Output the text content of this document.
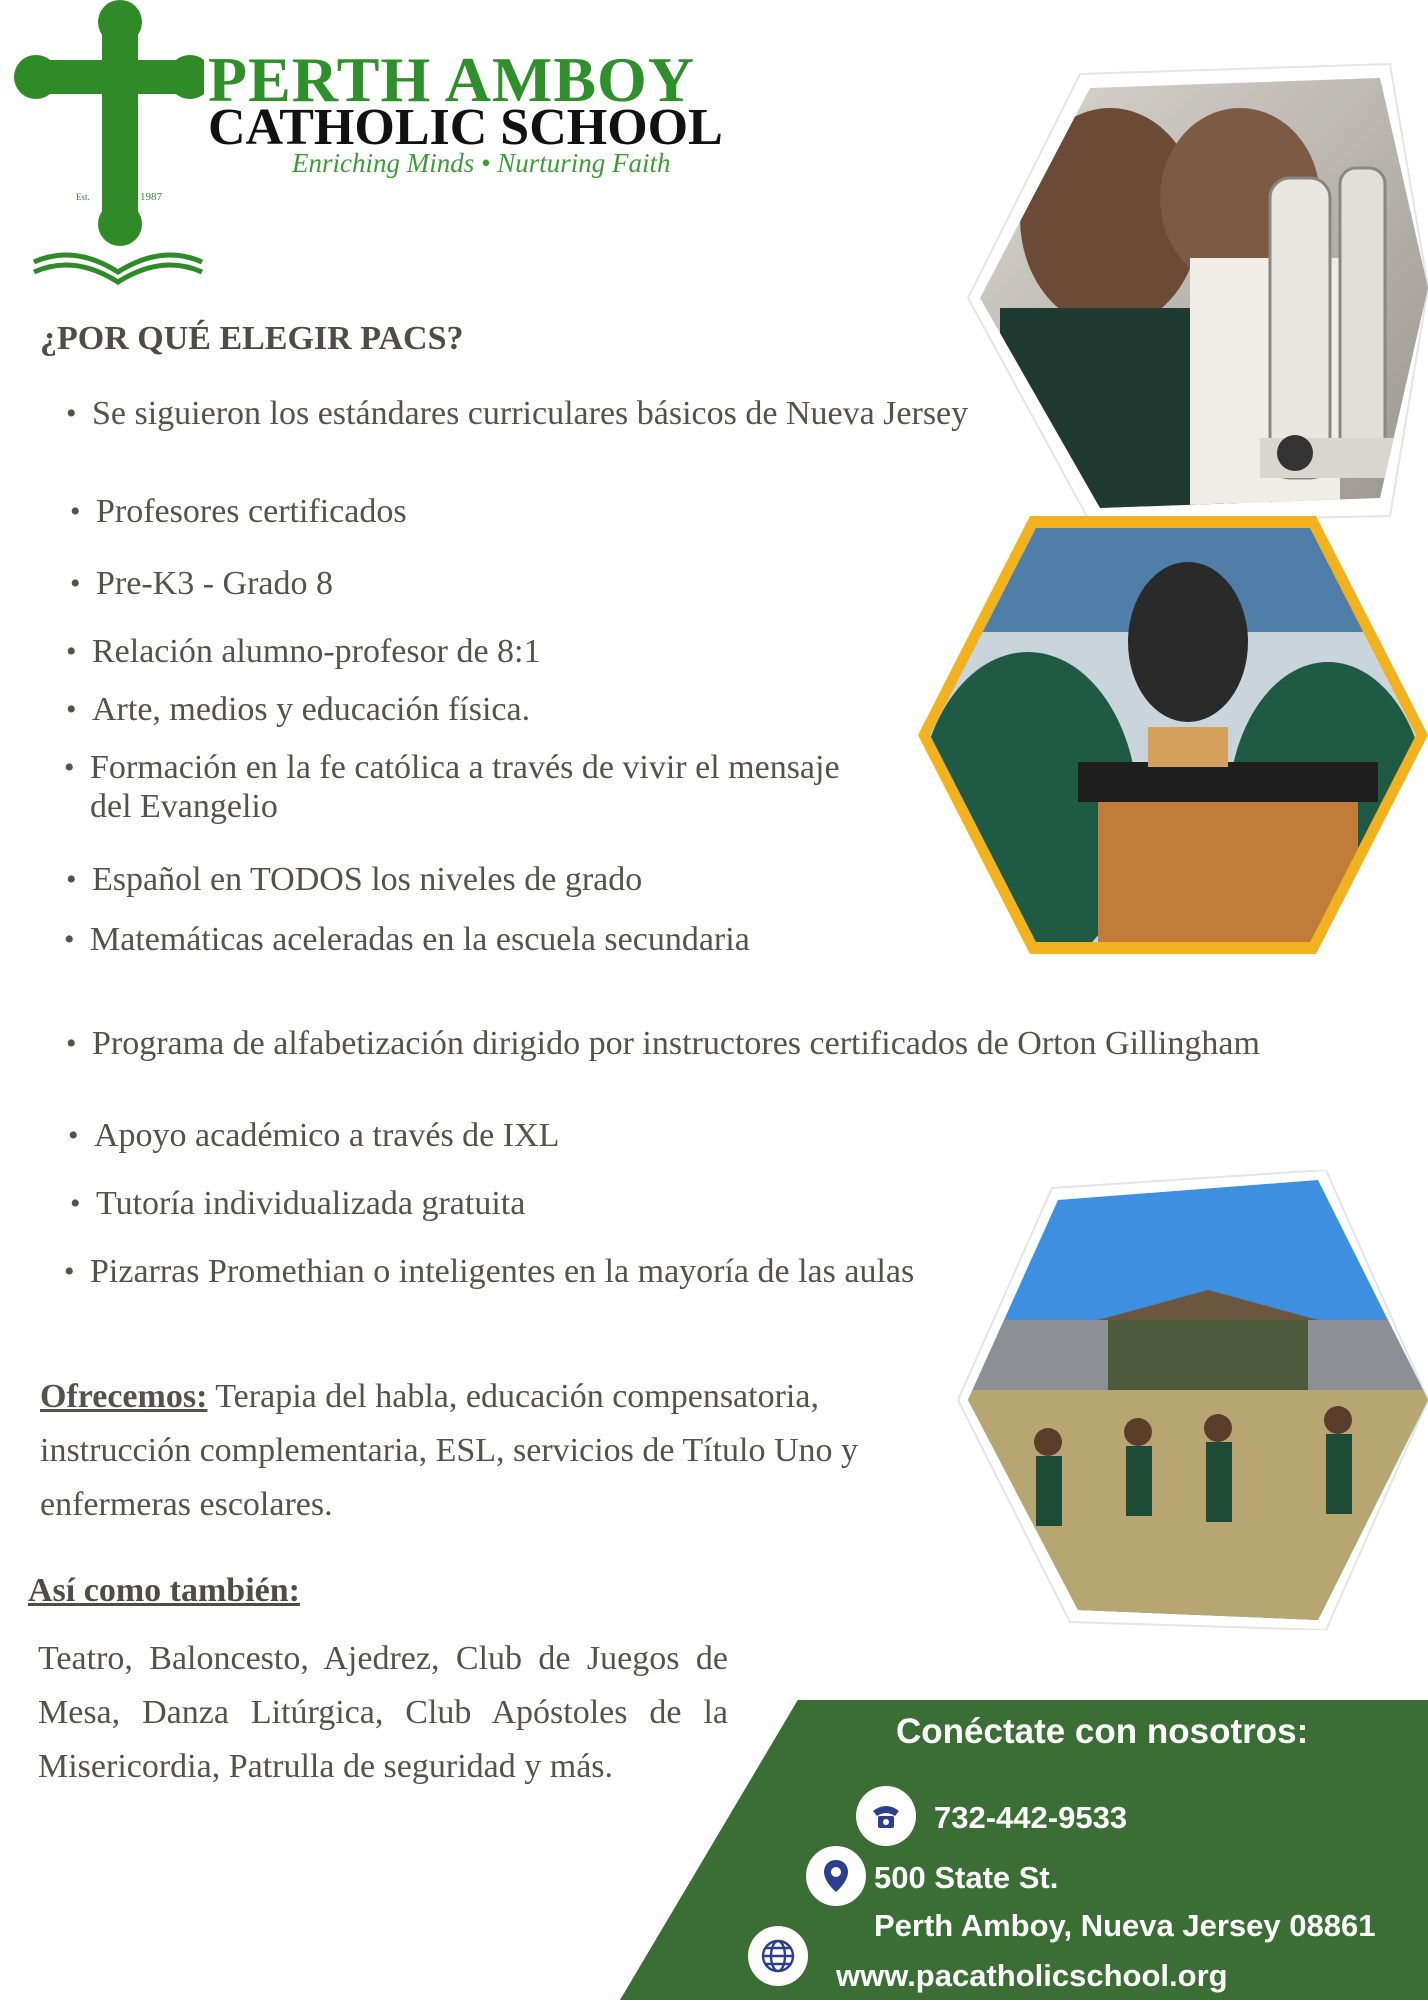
Est.	1987
PERTH AMBOY
CATHOLIC SCHOOL
Enriching Minds • Nurturing Faith
¿POR QUÉ ELEGIR PACS?

• Se siguieron los estándares curriculares básicos de Nueva Jersey

• Profesores certificados

• Pre-K3 - Grado 8

• Relación alumno-profesor de 8:1

• Arte, medios y educación física.

• Formación en la fe católica a través de vivir el mensaje del Evangelio

• Español en TODOS los niveles de grado

• Matemáticas aceleradas en la escuela secundaria

• Programa de alfabetización dirigido por instructores certificados de Orton Gillingham

• Apoyo académico a través de IXL

• Tutoría individualizada gratuita

• Pizarras Promethian o inteligentes en la mayoría de las aulas

Ofrecemos: Terapia del habla, educación compensatoria, instrucción complementaria, ESL, servicios de Título Uno y enfermeras escolares.
Así como también:
Teatro, Baloncesto, Ajedrez, Club de Juegos de Mesa, Danza Litúrgica, Club Apóstoles de la Misericordia, Patrulla de seguridad y más.
Conéctate con nosotros:
732-442-9533
500 State St.
Perth Amboy, Nueva Jersey 08861
www.pacatholicschool.org
